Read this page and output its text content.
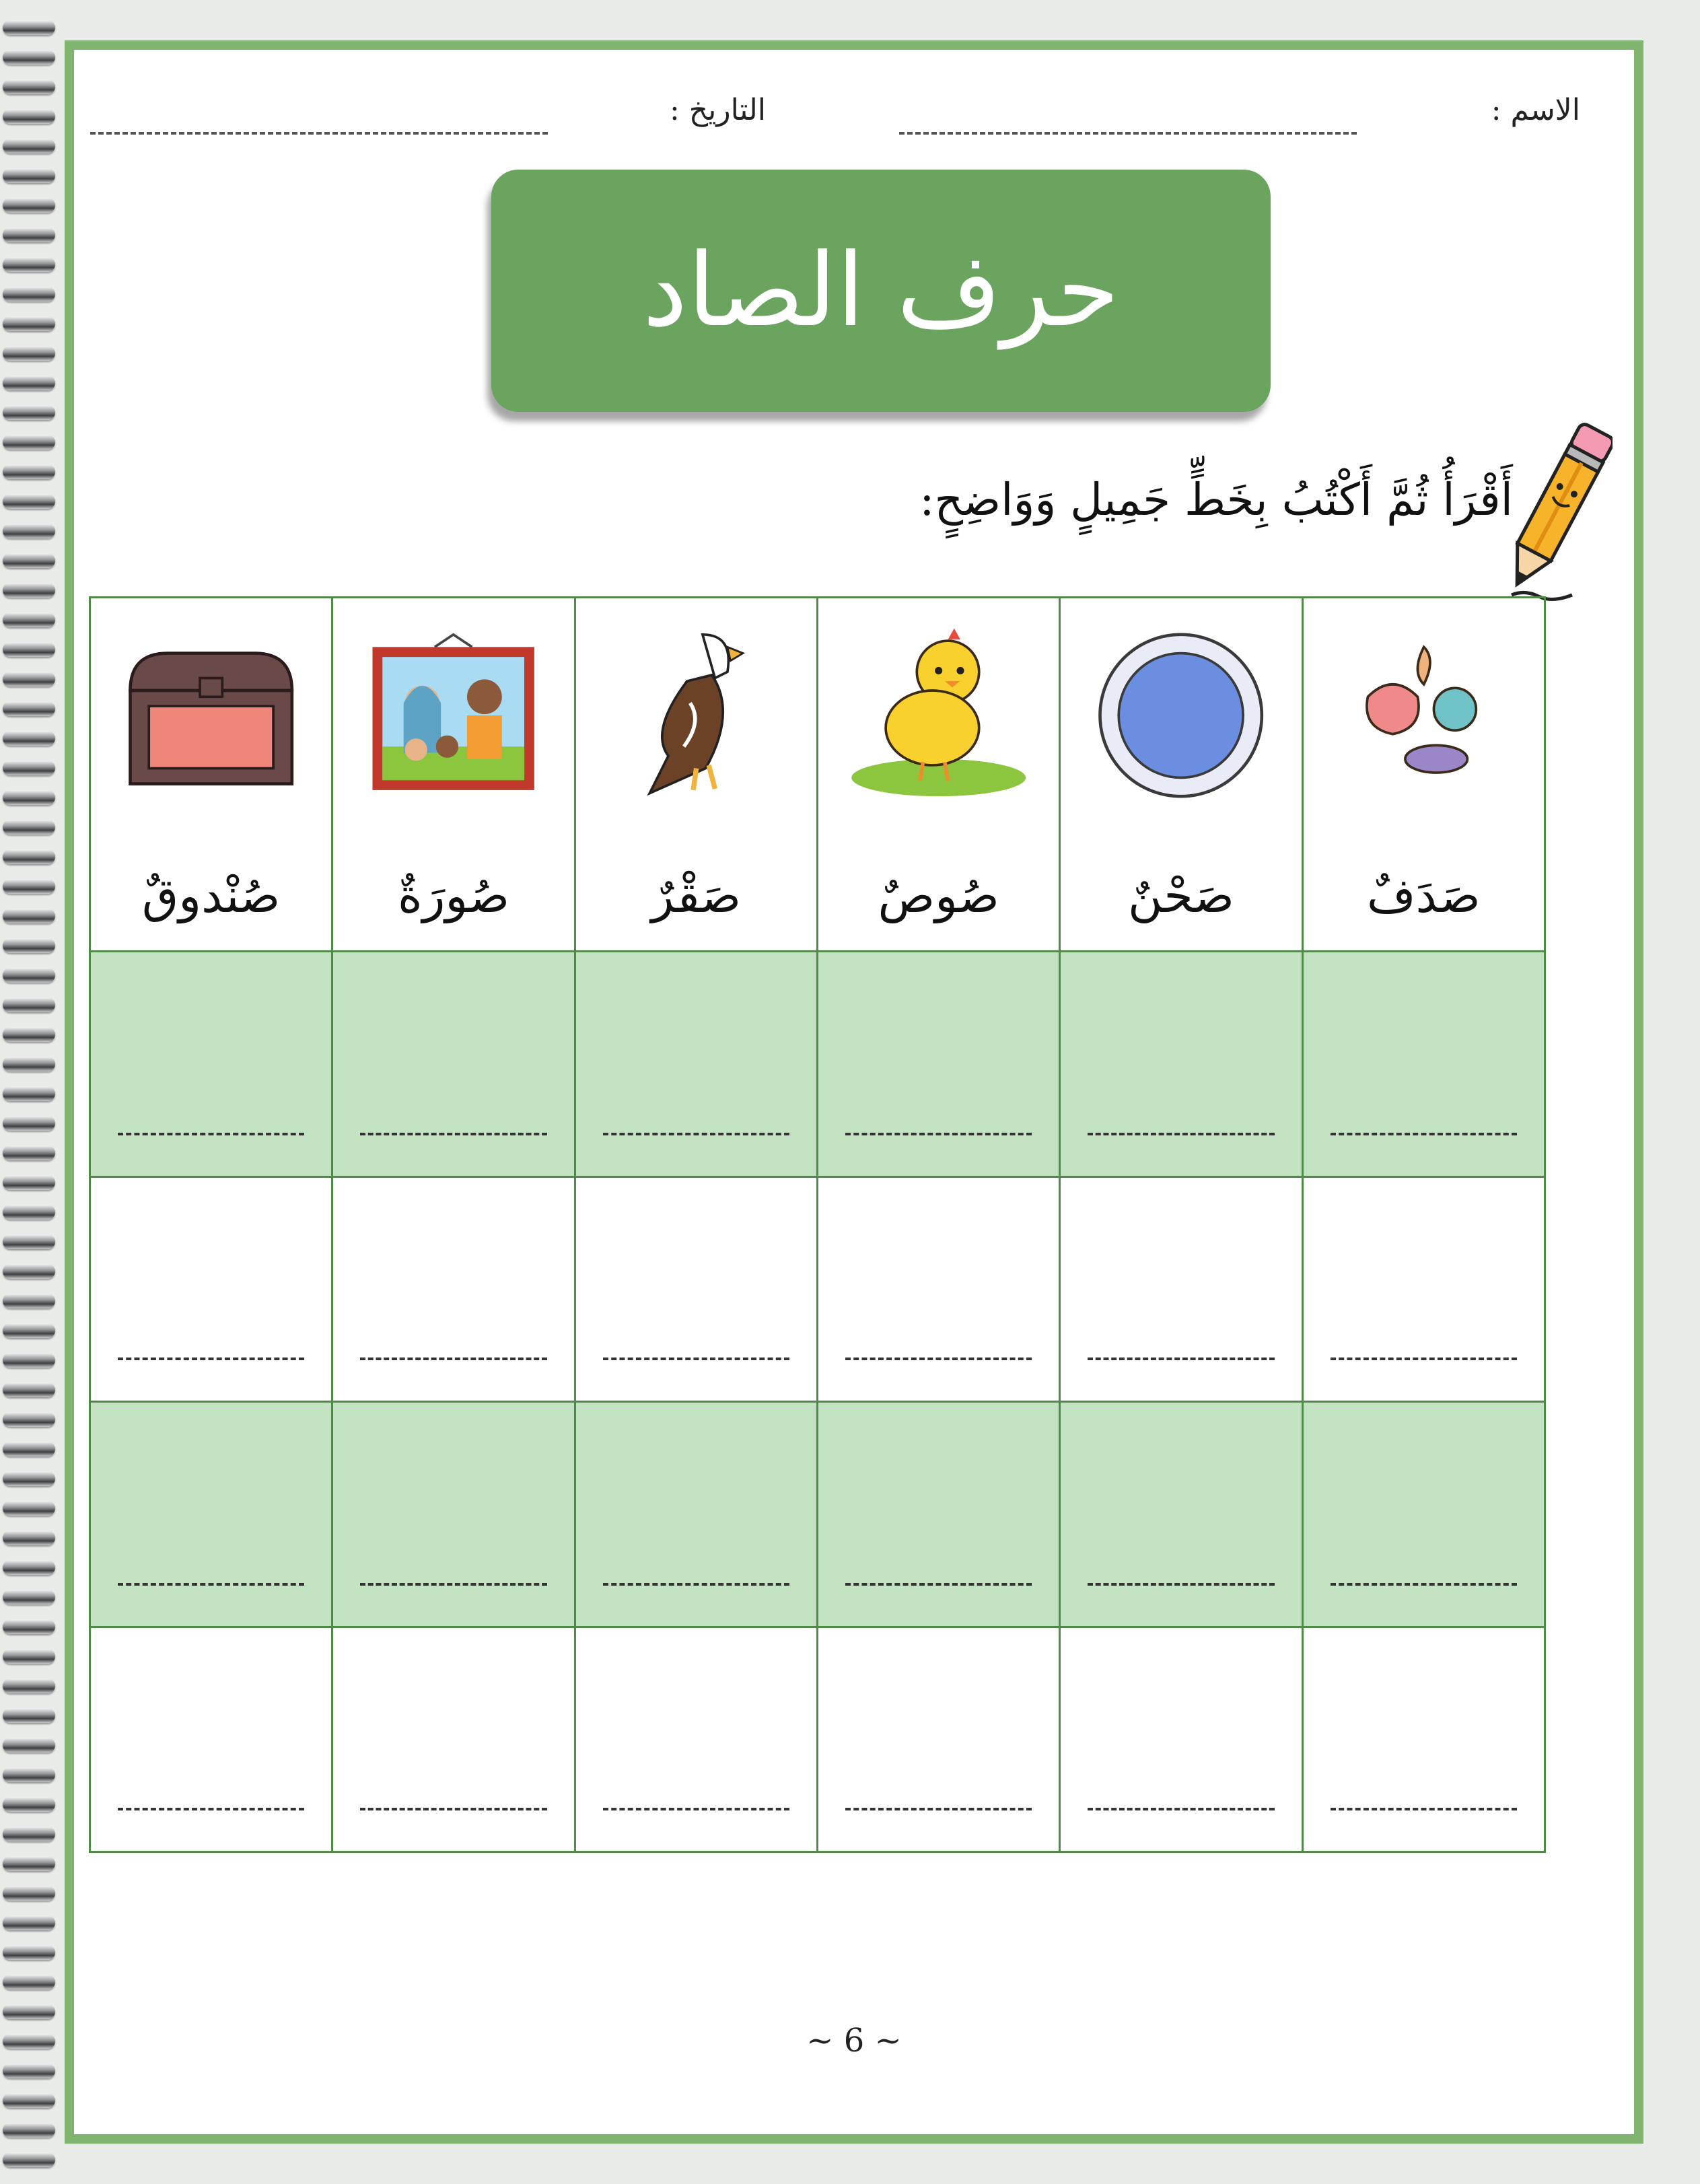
الاسم :
التاريخ :
حرف الصاد
أَقْرَأُ ثُمَّ أَكْتُبُ بِخَطٍّ جَمِيلٍ وَوَاضِحٍ:
صَدَفٌ
صَحْنٌ
صُوصٌ
صَقْرٌ
صُورَةٌ
صُنْدوقٌ
~ 6 ~
